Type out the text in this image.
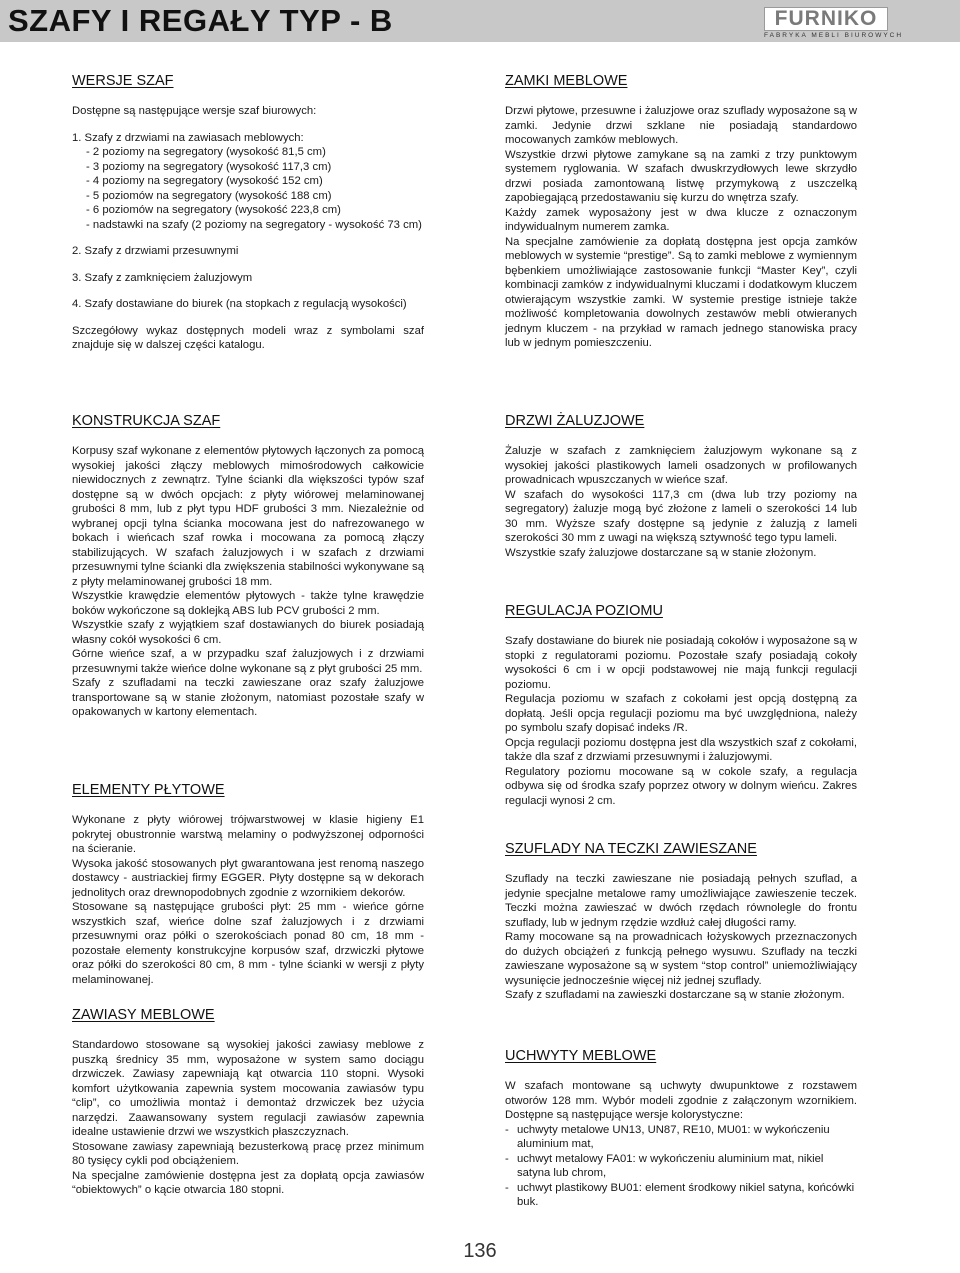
SZAFY I REGAŁY TYP - B	FURNIKO
FABRYKA MEBLI BIUROWYCH

WERSJE SZAF

Dostępne są następujące wersje szaf biurowych:

1. Szafy z drzwiami na zawiasach meblowych:

- 2 poziomy na segregatory (wysokość 81,5 cm)

- 3 poziomy na segregatory (wysokość 117,3 cm)

- 4 poziomy na segregatory (wysokość 152 cm)

- 5 poziomów na segregatory (wysokość 188 cm)

- 6 poziomów na segregatory (wysokość 223,8 cm)

- nadstawki na szafy (2 poziomy na segregatory - wysokość 73 cm)

2. Szafy z drzwiami przesuwnymi

3. Szafy z zamknięciem żaluzjowym

4. Szafy dostawiane do biurek (na stopkach z regulacją wysokości)

Szczegółowy wykaz dostępnych modeli wraz z symbolami szaf znajduje się w dalszej części katalogu.

KONSTRUKCJA SZAF

Korpusy szaf wykonane z elementów płytowych łączonych za pomocą wysokiej jakości złączy meblowych mimośrodowych całkowicie niewidocznych z zewnątrz. Tylne ścianki dla większości typów szaf dostępne są w dwóch opcjach: z płyty wiórowej melaminowanej grubości 8 mm, lub z płyt typu HDF grubości 3 mm. Niezależnie od wybranej opcji tylna ścianka mocowana jest do nafrezowanego w bokach i wieńcach szaf rowka i mocowana za pomocą złączy stabilizujących. W szafach żaluzjowych i w szafach z drzwiami przesuwnymi tylne ścianki dla zwiększenia stabilności wykonywane są z płyty melaminowanej grubości 18 mm.

Wszystkie krawędzie elementów płytowych - także tylne krawędzie boków wykończone są doklejką ABS lub PCV grubości 2 mm.

Wszystkie szafy z wyjątkiem szaf dostawianych do biurek posiadają własny cokół wysokości 6 cm.

Górne wieńce szaf, a w przypadku szaf żaluzjowych i z drzwiami przesuwnymi także wieńce dolne wykonane są z płyt grubości 25 mm.

Szafy z szufladami na teczki zawieszane oraz szafy żaluzjowe transportowane są w stanie złożonym, natomiast pozostałe szafy w opakowanych w kartony elementach.

ELEMENTY PŁYTOWE

Wykonane z płyty wiórowej trójwarstwowej w klasie higieny E1 pokrytej obustronnie warstwą melaminy o podwyższonej odporności na ścieranie.

Wysoka jakość stosowanych płyt gwarantowana jest renomą naszego dostawcy - austriackiej firmy EGGER. Płyty dostępne są w dekorach jednolitych oraz drewnopodobnych zgodnie z wzornikiem dekorów.

Stosowane są następujące grubości płyt: 25 mm - wieńce górne wszystkich szaf, wieńce dolne szaf żaluzjowych i z drzwiami przesuwnymi oraz półki o szerokościach ponad 80 cm, 18 mm - pozostałe elementy konstrukcyjne korpusów szaf, drzwiczki płytowe oraz półki do szerokości 80 cm, 8 mm - tylne ścianki w wersji z płyty melaminowanej.

ZAWIASY MEBLOWE

Standardowo stosowane są wysokiej jakości zawiasy meblowe z puszką średnicy 35 mm, wyposażone w system samo dociągu drzwiczek. Zawiasy zapewniają kąt otwarcia 110 stopni. Wysoki komfort użytkowania zapewnia system mocowania zawiasów typu “clip”, co umożliwia montaż i demontaż drzwiczek bez użycia narzędzi. Zaawansowany system regulacji zawiasów zapewnia idealne ustawienie drzwi we wszystkich płaszczyznach.

Stosowane zawiasy zapewniają bezusterkową pracę przez minimum 80 tysięcy cykli pod obciążeniem.

Na specjalne zamówienie dostępna jest za dopłatą opcja zawiasów “obiektowych” o kącie otwarcia 180 stopni.

ZAMKI MEBLOWE

Drzwi płytowe, przesuwne i żaluzjowe oraz szuflady wyposażone są w zamki. Jedynie drzwi szklane nie posiadają standardowo mocowanych zamków meblowych.

Wszystkie drzwi płytowe zamykane są na zamki z trzy punktowym systemem ryglowania. W szafach dwuskrzydłowych lewe skrzydło drzwi posiada zamontowaną listwę przymykową z uszczelką zapobiegającą przedostawaniu się kurzu do wnętrza szafy.

Każdy zamek wyposażony jest w dwa klucze z oznaczonym indywidualnym numerem zamka.

Na specjalne zamówienie za dopłatą dostępna jest opcja zamków meblowych w systemie “prestige”. Są to zamki meblowe z wymiennym bębenkiem umożliwiające zastosowanie funkcji “Master Key”, czyli kombinacji zamków z indywidualnymi kluczami i dodatkowym kluczem otwierającym wszystkie zamki. W systemie prestige istnieje także możliwość kompletowania dowolnych zestawów mebli otwieranych jednym kluczem - na przykład w ramach jednego stanowiska pracy lub w jednym pomieszczeniu.

DRZWI ŻALUZJOWE

Żaluzje w szafach z zamknięciem żaluzjowym wykonane są z wysokiej jakości plastikowych lameli osadzonych w profilowanych prowadnicach wpuszczanych w wieńce szaf.

W szafach do wysokości 117,3 cm (dwa lub trzy poziomy na segregatory) żaluzje mogą być złożone z lameli o szerokości 14 lub 30 mm. Wyższe szafy dostępne są jedynie z żaluzją z lameli szerokości 30 mm z uwagi na większą sztywność tego typu lameli.

Wszystkie szafy żaluzjowe dostarczane są w stanie złożonym.

REGULACJA POZIOMU

Szafy dostawiane do biurek nie posiadają cokołów i wyposażone są w stopki z regulatorami poziomu. Pozostałe szafy posiadają cokoły wysokości 6 cm i w opcji podstawowej nie mają funkcji regulacji poziomu.

Regulacja poziomu w szafach z cokołami jest opcją dostępną za dopłatą. Jeśli opcja regulacji poziomu ma być uwzględniona, należy po symbolu szafy dopisać indeks /R.

Opcja regulacji poziomu dostępna jest dla wszystkich szaf z cokołami, także dla szaf z drzwiami przesuwnymi i żaluzjowymi.

Regulatory poziomu mocowane są w cokole szafy, a regulacja odbywa się od środka szafy poprzez otwory w dolnym wieńcu. Zakres regulacji wynosi 2 cm.

SZUFLADY NA TECZKI ZAWIESZANE

Szuflady na teczki zawieszane nie posiadają pełnych szuflad, a jedynie specjalne metalowe ramy umożliwiające zawieszenie teczek. Teczki można zawieszać w dwóch rzędach równolegle do frontu szuflady, lub w jednym rzędzie wzdłuż całej długości ramy.

Ramy mocowane są na prowadnicach łożyskowych przeznaczonych do dużych obciążeń z funkcją pełnego wysuwu. Szuflady na teczki zawieszane wyposażone są w system “stop control” uniemożliwiający wysunięcie jednocześnie więcej niż jednej szuflady.

Szafy z szufladami na zawieszki dostarczane są w stanie złożonym.

UCHWYTY MEBLOWE

W szafach montowane są uchwyty dwupunktowe z rozstawem otworów 128 mm. Wybór modeli zgodnie z załączonym wzornikiem. Dostępne są następujące wersje kolorystyczne:

- uchwyty metalowe UN13, UN87, RE10, MU01: w wykończeniu aluminium mat,
- uchwyt metalowy FA01: w wykończeniu aluminium mat, nikiel satyna lub chrom,
- uchwyt plastikowy BU01: element środkowy nikiel satyna, końcówki buk.
136
